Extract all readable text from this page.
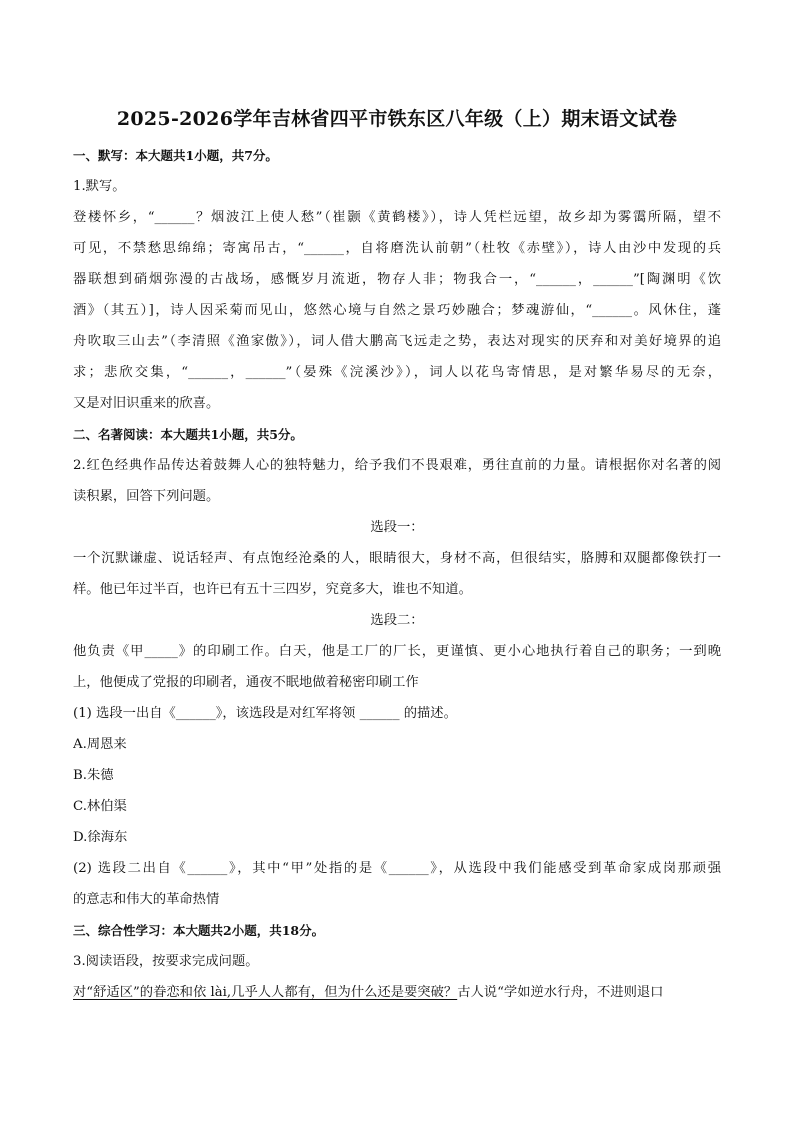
2025-2026学年吉林省四平市铁东区八年级（上）期末语文试卷
一、默写：本大题共1小题，共7分。
1.默写。
登楼怀乡，“______？烟波江上使人愁”（崔颢《黄鹤楼》），诗人凭栏远望，故乡却为雾霭所隔，望不
可见，不禁愁思绵绵；寄寓吊古，“______，自将磨洗认前朝”（杜牧《赤壁》），诗人由沙中发现的兵
器联想到硝烟弥漫的古战场，感慨岁月流逝，物存人非；物我合一，“______，______”[陶渊明《饮
酒》（其五）]，诗人因采菊而见山，悠然心境与自然之景巧妙融合；梦魂游仙，“______。风休住，蓬
舟吹取三山去”（李清照《渔家傲》），词人借大鹏高飞远走之势，表达对现实的厌弃和对美好境界的追
求；悲欣交集，“______，______”（晏殊《浣溪沙》），词人以花鸟寄情思，是对繁华易尽的无奈，
又是对旧识重来的欣喜。
二、名著阅读：本大题共1小题，共5分。
2.红色经典作品传达着鼓舞人心的独特魅力，给予我们不畏艰难，勇往直前的力量。请根据你对名著的阅
读积累，回答下列问题。
选段一：
一个沉默谦虚、说话轻声、有点饱经沧桑的人，眼睛很大，身材不高，但很结实，胳膊和双腿都像铁打一
样。他已年过半百，也许已有五十三四岁，究竟多大，谁也不知道。
选段二：
他负责《甲_____》的印刷工作。白天，他是工厂的厂长，更谨慎、更小心地执行着自己的职务；一到晚
上，他便成了党报的印刷者，通夜不眠地做着秘密印刷工作
(1) 选段一出自《______》，该选段是对红军将领 ______ 的描述。
A.周恩来
B.朱德
C.林伯渠
D.徐海东
(2) 选段二出自《______》，其中“甲”处指的是《______》，从选段中我们能感受到革命家成岗那顽强
的意志和伟大的革命热情
三、综合性学习：本大题共2小题，共18分。
3.阅读语段，按要求完成问题。
对“舒适区”的眷恋和依 lài,几乎人人都有，但为什么还是要突破？古人说“学如逆水行舟，不进则退口
